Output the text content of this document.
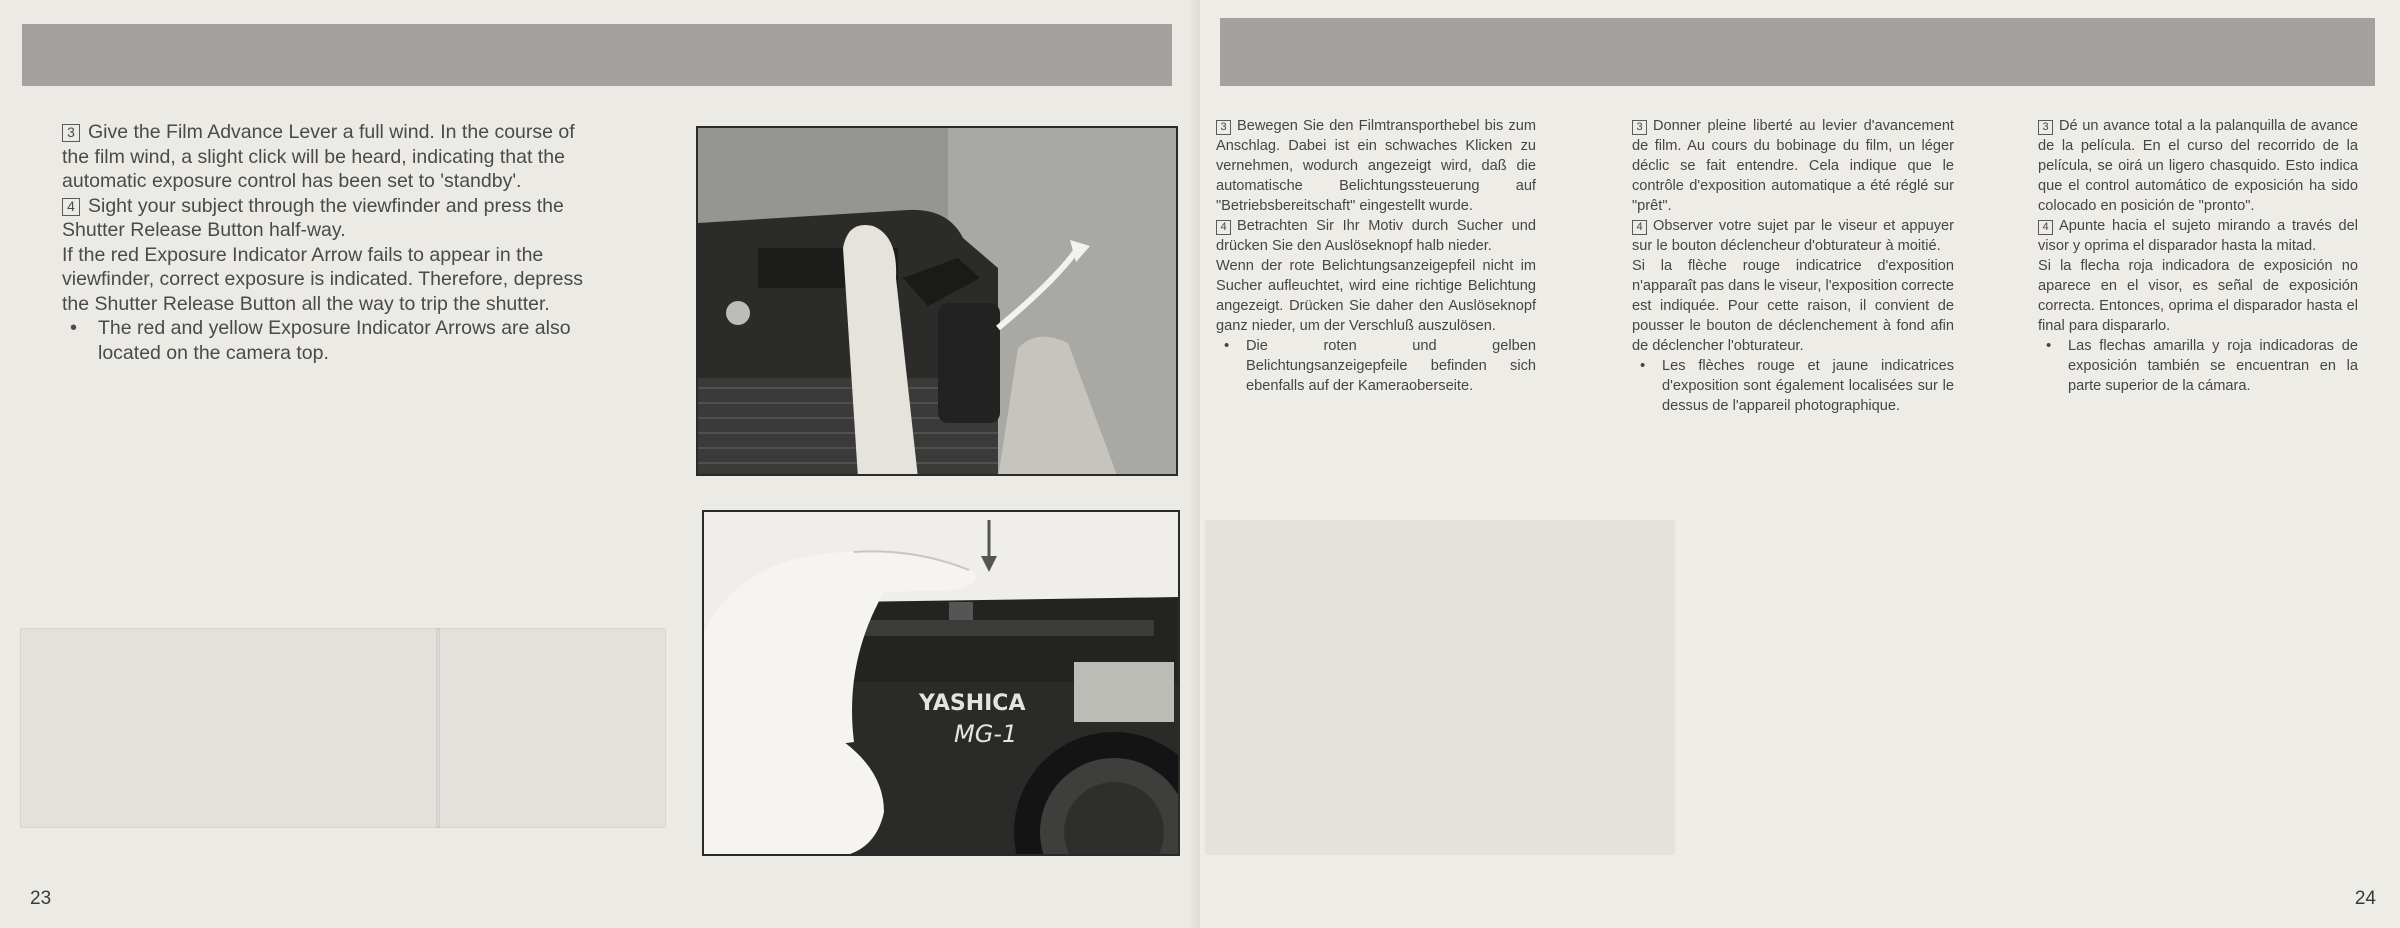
3 Give the Film Advance Lever a full wind. In the course of the film wind, a slight click will be heard, indicating that the automatic exposure control has been set to 'standby'.

4 Sight your subject through the viewfinder and press the Shutter Release Button half-way.

If the red Exposure Indicator Arrow fails to appear in the viewfinder, correct exposure is indicated. Therefore, depress the Shutter Release Button all the way to trip the shutter.

• The red and yellow Exposure Indicator Arrows are also located on the camera top.

YASHICA
MG-1
23

3 Bewegen Sie den Filmtransporthebel bis zum Anschlag. Dabei ist ein schwaches Klicken zu vernehmen, wodurch angezeigt wird, daß die automatische Belichtungssteuerung auf "Betriebsbereitschaft" eingestellt wurde.

4 Betrachten Sir Ihr Motiv durch Sucher und drücken Sie den Auslöseknopf halb nieder.

Wenn der rote Belichtungsanzeigepfeil nicht im Sucher aufleuchtet, wird eine richtige Belichtung angezeigt. Drücken Sie daher den Auslöseknopf ganz nieder, um der Verschluß auszulösen.

• Die roten und gelben Belichtungsanzeigepfeile befinden sich ebenfalls auf der Kameraoberseite.

3 Donner pleine liberté au levier d'avancement de film. Au cours du bobinage du film, un léger déclic se fait entendre. Cela indique que le contrôle d'exposition automatique a été réglé sur "prêt".

4 Observer votre sujet par le viseur et appuyer sur le bouton déclencheur d'obturateur à moitié.

Si la flèche rouge indicatrice d'exposition n'apparaît pas dans le viseur, l'exposition correcte est indiquée. Pour cette raison, il convient de pousser le bouton de déclenchement à fond afin de déclencher l'obturateur.

• Les flèches rouge et jaune indicatrices d'exposition sont également localisées sur le dessus de l'appareil photographique.

3 Dé un avance total a la palanquilla de avance de la película. En el curso del recorrido de la película, se oirá un ligero chasquido. Esto indica que el control automático de exposición ha sido colocado en posición de "pronto".

4 Apunte hacia el sujeto mirando a través del visor y oprima el disparador hasta la mitad.

Si la flecha roja indicadora de exposición no aparece en el visor, es señal de exposición correcta. Entonces, oprima el disparador hasta el final para dispararlo.

• Las flechas amarilla y roja indicadoras de exposición también se encuentran en la parte superior de la cámara.

24
